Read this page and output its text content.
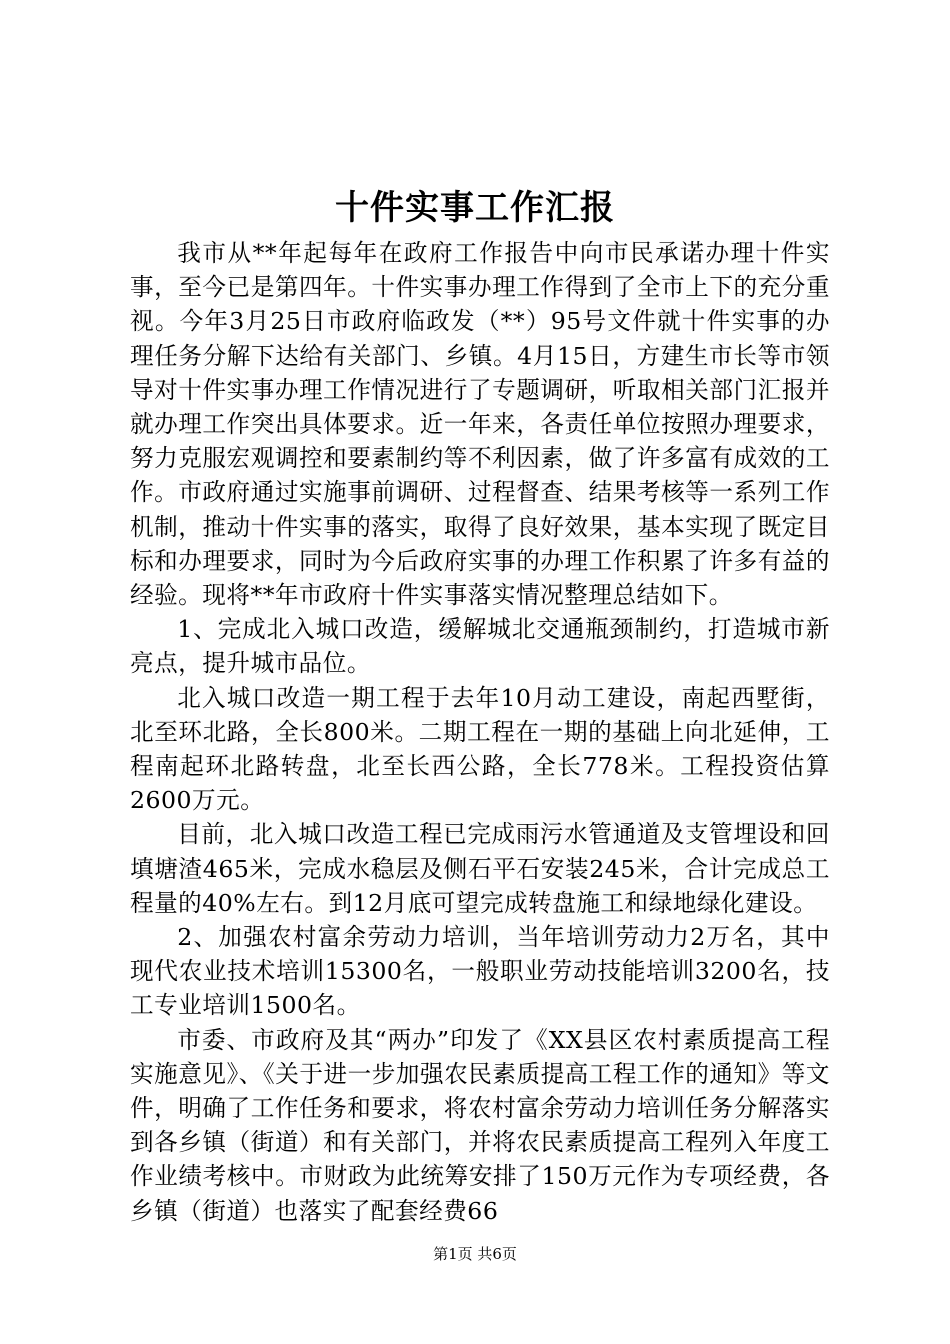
十件实事工作汇报

我市从**年起每年在政府工作报告中向市民承诺办理十件实事，至今已是第四年。十件实事办理工作得到了全市上下的充分重视。今年3月25日市政府临政发（**）95号文件就十件实事的办理任务分解下达给有关部门、乡镇。4月15日，方建生市长等市领导对十件实事办理工作情况进行了专题调研，听取相关部门汇报并就办理工作突出具体要求。近一年来，各责任单位按照办理要求，努力克服宏观调控和要素制约等不利因素，做了许多富有成效的工作。市政府通过实施事前调研、过程督查、结果考核等一系列工作机制，推动十件实事的落实，取得了良好效果，基本实现了既定目标和办理要求，同时为今后政府实事的办理工作积累了许多有益的经验。现将**年市政府十件实事落实情况整理总结如下。

1、完成北入城口改造，缓解城北交通瓶颈制约，打造城市新亮点，提升城市品位。

北入城口改造一期工程于去年10月动工建设，南起西墅街，北至环北路，全长800米。二期工程在一期的基础上向北延伸，工程南起环北路转盘，北至长西公路，全长778米。工程投资估算2600万元。

目前，北入城口改造工程已完成雨污水管通道及支管埋设和回填塘渣465米，完成水稳层及侧石平石安装245米，合计完成总工程量的40%左右。到12月底可望完成转盘施工和绿地绿化建设。

2、加强农村富余劳动力培训，当年培训劳动力2万名，其中现代农业技术培训15300名，一般职业劳动技能培训3200名，技工专业培训1500名。

市委、市政府及其“两办”印发了《XX县区农村素质提高工程实施意见》、《关于进一步加强农民素质提高工程工作的通知》等文件，明确了工作任务和要求，将农村富余劳动力培训任务分解落实到各乡镇（街道）和有关部门，并将农民素质提高工程列入年度工作业绩考核中。市财政为此统筹安排了150万元作为专项经费，各乡镇（街道）也落实了配套经费66

第1页 共6页
